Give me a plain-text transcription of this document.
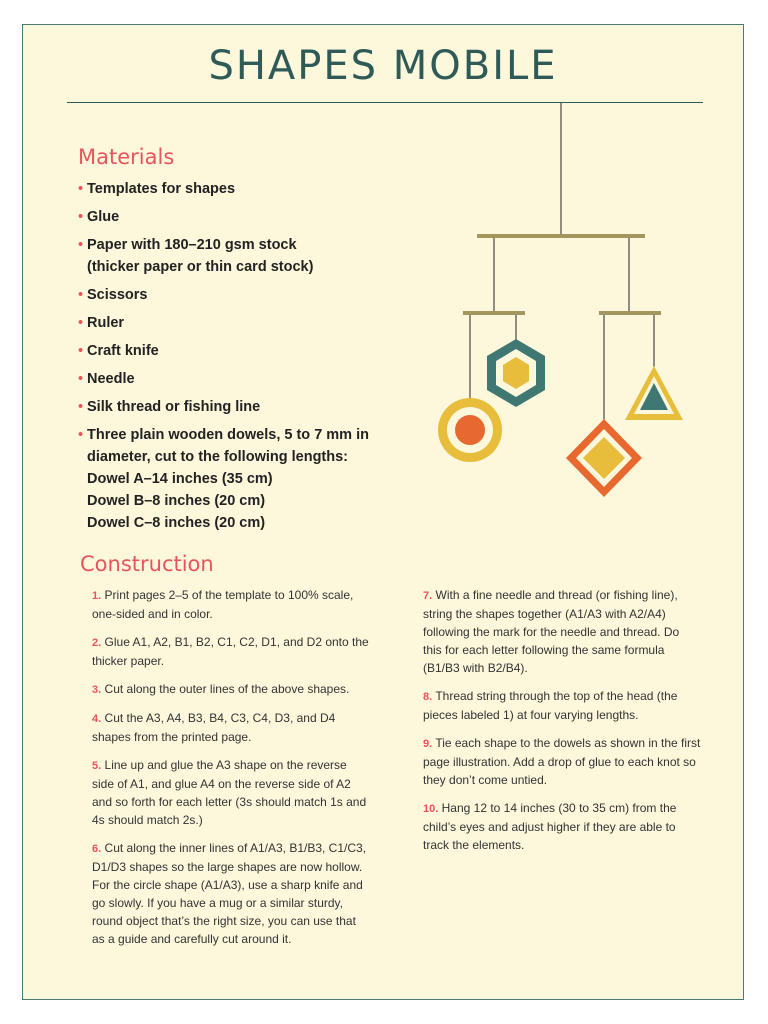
SHAPES MOBILE
Materials
• Templates for shapes
• Glue
• Paper with 180–210 gsm stock
(thicker paper or thin card stock)
• Scissors
• Ruler
• Craft knife
• Needle
• Silk thread or fishing line
• Three plain wooden dowels, 5 to 7 mm in
diameter, cut to the following lengths:
Dowel A–14 inches (35 cm)
Dowel B–8 inches (20 cm)
Dowel C–8 inches (20 cm)
Construction
1. Print pages 2–5 of the template to 100% scale, one-sided and in color.
2. Glue A1, A2, B1, B2, C1, C2, D1, and D2 onto the thicker paper.
3. Cut along the outer lines of the above shapes.
4. Cut the A3, A4, B3, B4, C3, C4, D3, and D4 shapes from the printed page.
5. Line up and glue the A3 shape on the reverse side of A1, and glue A4 on the reverse side of A2 and so forth for each letter (3s should match 1s and 4s should match 2s.)
6. Cut along the inner lines of A1/A3, B1/B3, C1/C3, D1/D3 shapes so the large shapes are now hollow. For the circle shape (A1/A3), use a sharp knife and go slowly. If you have a mug or a similar sturdy, round object that’s the right size, you can use that as a guide and carefully cut around it.
7. With a fine needle and thread (or fishing line), string the shapes together (A1/A3 with A2/A4) following the mark for the needle and thread. Do this for each letter following the same formula (B1/B3 with B2/B4).
8. Thread string through the top of the head (the pieces labeled 1) at four varying lengths.
9. Tie each shape to the dowels as shown in the first page illustration. Add a drop of glue to each knot so they don’t come untied.
10. Hang 12 to 14 inches (30 to 35 cm) from the child’s eyes and adjust higher if they are able to track the elements.
